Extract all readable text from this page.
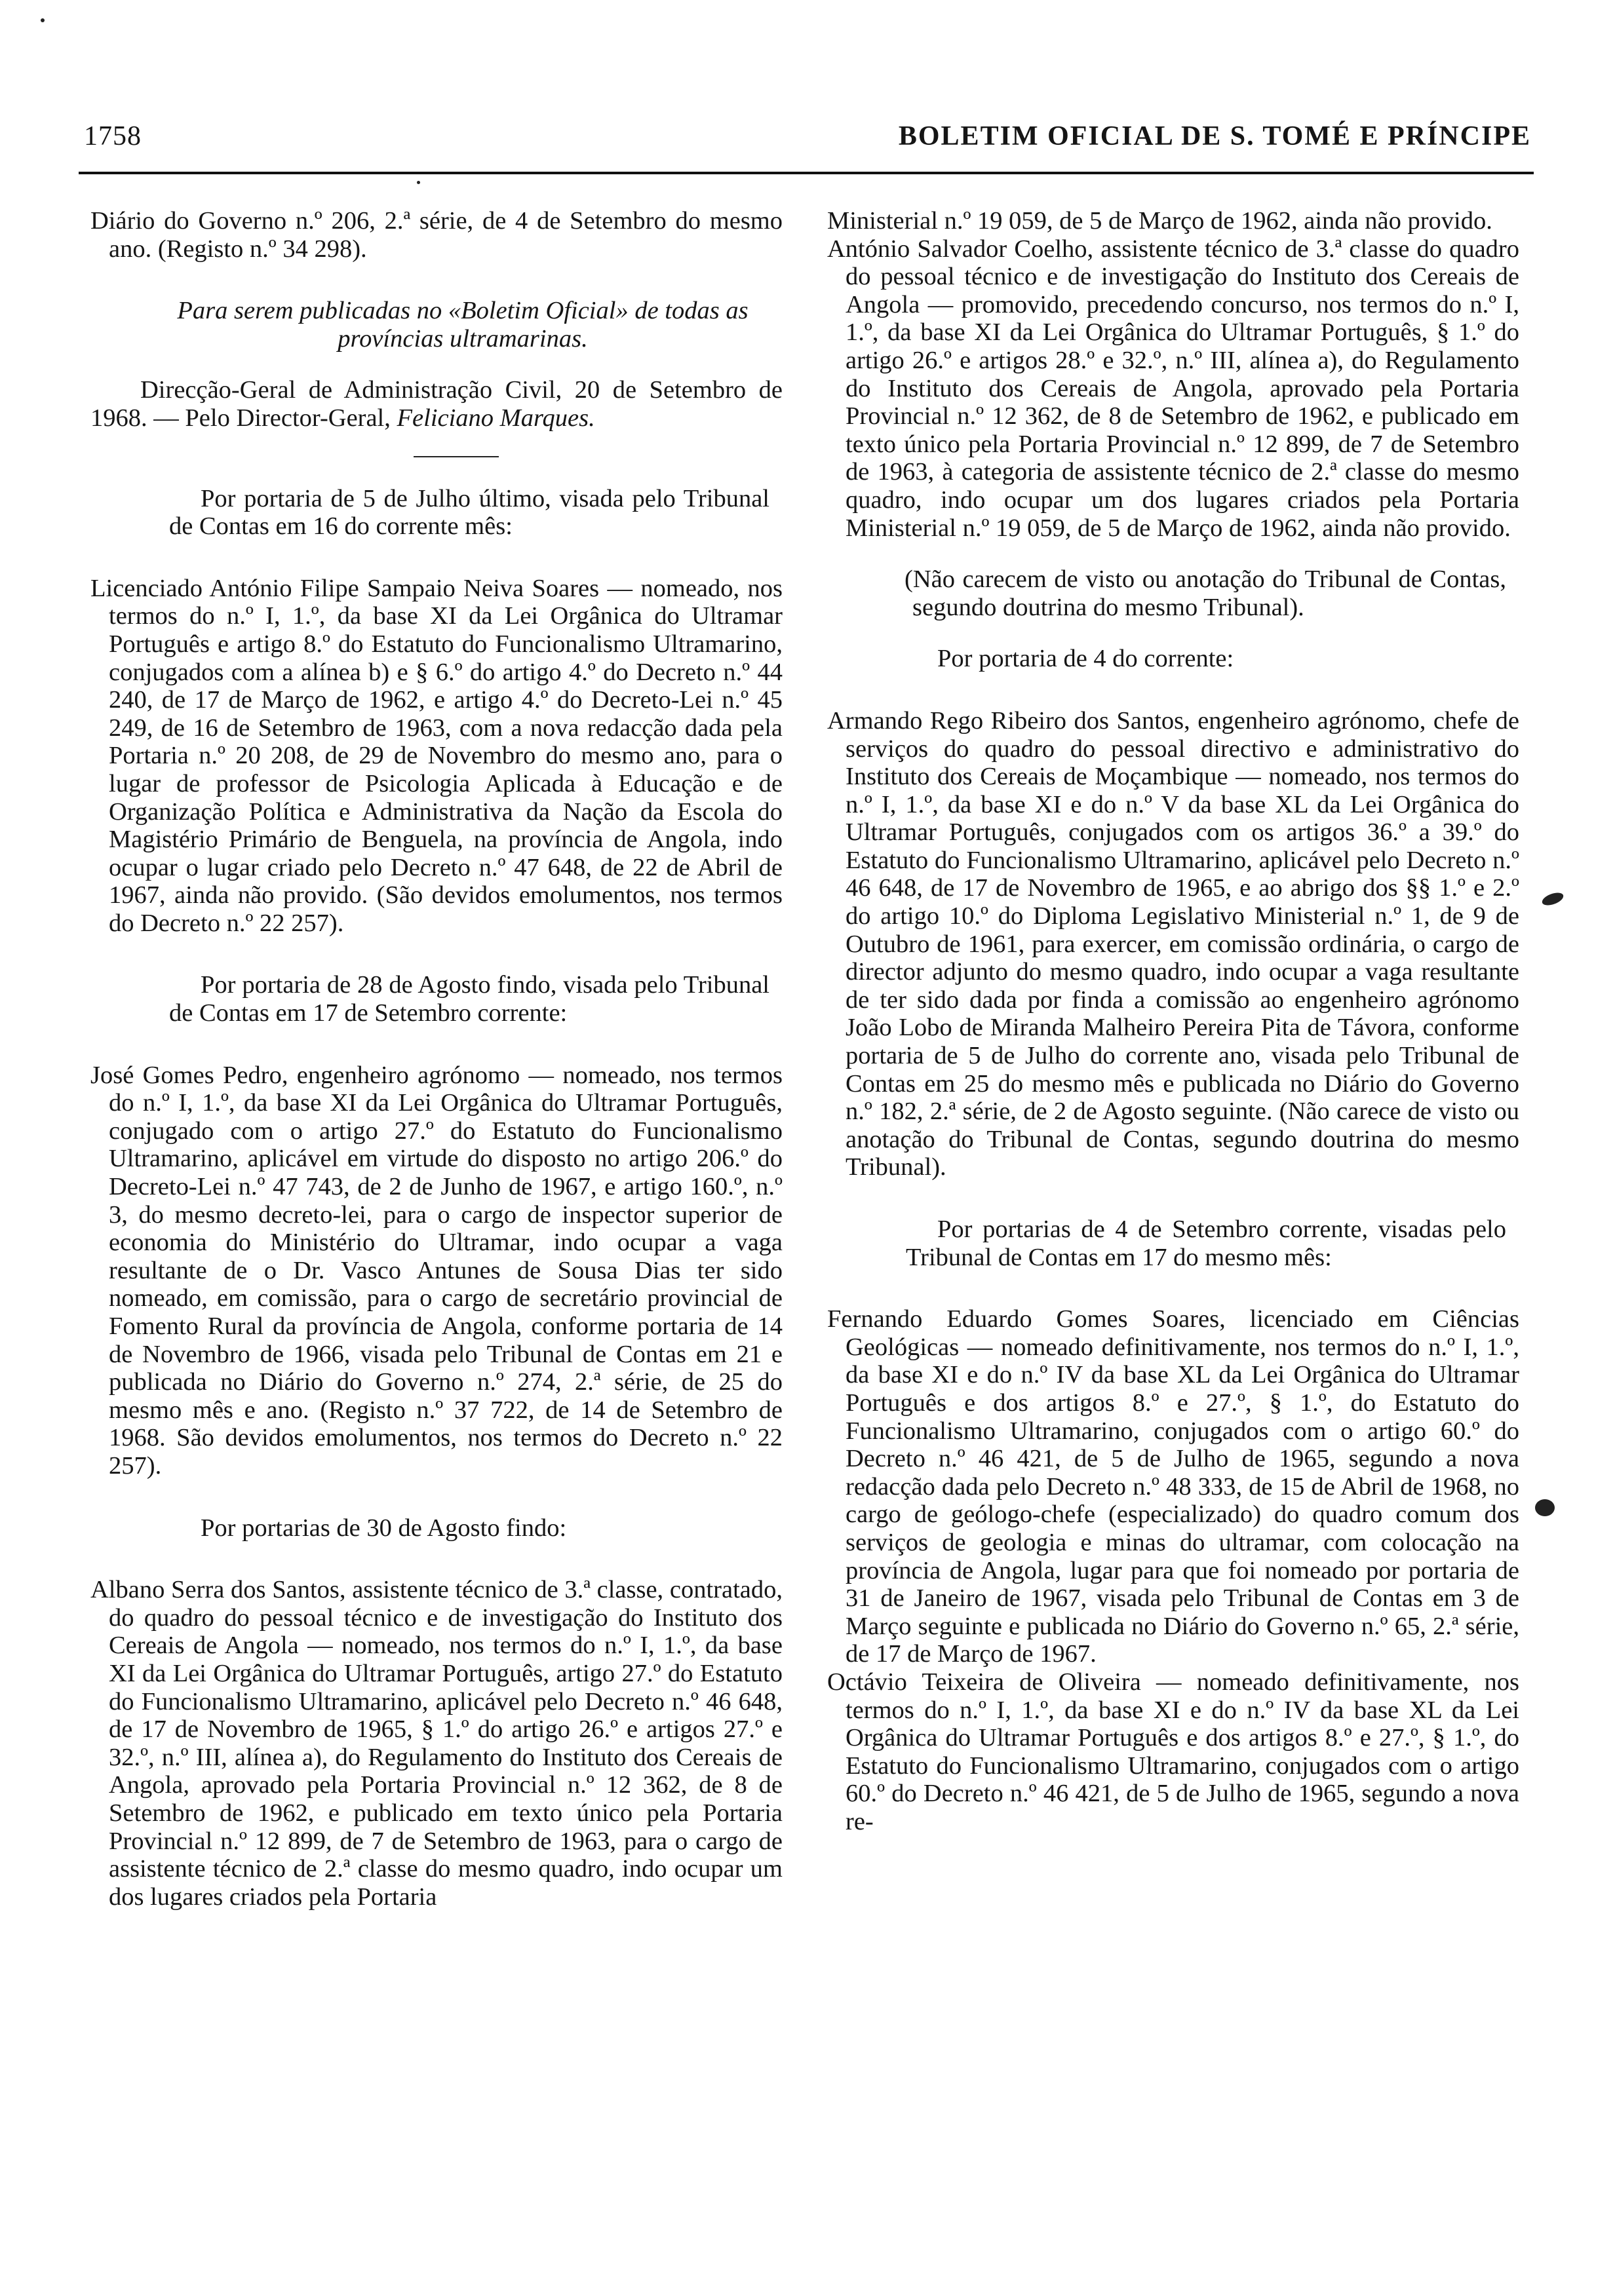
1758	BOLETIM OFICIAL DE S. TOMÉ E PRÍNCIPE

Diário do Governo n.º 206, 2.ª série, de 4 de Setembro do mesmo ano. (Registo n.º 34 298).

Para serem publicadas no «Boletim Oficial» de todas as províncias ultramarinas.

Direcção-Geral de Administração Civil, 20 de Setembro de 1968. — Pelo Director-Geral, Feliciano Marques.

Por portaria de 5 de Julho último, visada pelo Tribunal de Contas em 16 do corrente mês:

Licenciado António Filipe Sampaio Neiva Soares — nomeado, nos termos do n.º I, 1.º, da base XI da Lei Orgânica do Ultramar Português e artigo 8.º do Estatuto do Funcionalismo Ultramarino, conjugados com a alínea b) e § 6.º do artigo 4.º do Decreto n.º 44 240, de 17 de Março de 1962, e artigo 4.º do Decreto-Lei n.º 45 249, de 16 de Setembro de 1963, com a nova redacção dada pela Portaria n.º 20 208, de 29 de Novembro do mesmo ano, para o lugar de professor de Psicologia Aplicada à Educação e de Organização Política e Administrativa da Nação da Escola do Magistério Primário de Benguela, na província de Angola, indo ocupar o lugar criado pelo Decreto n.º 47 648, de 22 de Abril de 1967, ainda não provido. (São devidos emolumentos, nos termos do Decreto n.º 22 257).

Por portaria de 28 de Agosto findo, visada pelo Tribunal de Contas em 17 de Setembro corrente:

José Gomes Pedro, engenheiro agrónomo — nomeado, nos termos do n.º I, 1.º, da base XI da Lei Orgânica do Ultramar Português, conjugado com o artigo 27.º do Estatuto do Funcionalismo Ultramarino, aplicável em virtude do disposto no artigo 206.º do Decreto-Lei n.º 47 743, de 2 de Junho de 1967, e artigo 160.º, n.º 3, do mesmo decreto-lei, para o cargo de inspector superior de economia do Ministério do Ultramar, indo ocupar a vaga resultante de o Dr. Vasco Antunes de Sousa Dias ter sido nomeado, em comissão, para o cargo de secretário provincial de Fomento Rural da província de Angola, conforme portaria de 14 de Novembro de 1966, visada pelo Tribunal de Contas em 21 e publicada no Diário do Governo n.º 274, 2.ª série, de 25 do mesmo mês e ano. (Registo n.º 37 722, de 14 de Setembro de 1968. São devidos emolumentos, nos termos do Decreto n.º 22 257).

Por portarias de 30 de Agosto findo:

Albano Serra dos Santos, assistente técnico de 3.ª classe, contratado, do quadro do pessoal técnico e de investigação do Instituto dos Cereais de Angola — nomeado, nos termos do n.º I, 1.º, da base XI da Lei Orgânica do Ultramar Português, artigo 27.º do Estatuto do Funcionalismo Ultramarino, aplicável pelo Decreto n.º 46 648, de 17 de Novembro de 1965, § 1.º do artigo 26.º e artigos 27.º e 32.º, n.º III, alínea a), do Regulamento do Instituto dos Cereais de Angola, aprovado pela Portaria Provincial n.º 12 362, de 8 de Setembro de 1962, e publicado em texto único pela Portaria Provincial n.º 12 899, de 7 de Setembro de 1963, para o cargo de assistente técnico de 2.ª classe do mesmo quadro, indo ocupar um dos lugares criados pela Portaria

Ministerial n.º 19 059, de 5 de Março de 1962, ainda não provido.

António Salvador Coelho, assistente técnico de 3.ª classe do quadro do pessoal técnico e de investigação do Instituto dos Cereais de Angola — promovido, precedendo concurso, nos termos do n.º I, 1.º, da base XI da Lei Orgânica do Ultramar Português, § 1.º do artigo 26.º e artigos 28.º e 32.º, n.º III, alínea a), do Regulamento do Instituto dos Cereais de Angola, aprovado pela Portaria Provincial n.º 12 362, de 8 de Setembro de 1962, e publicado em texto único pela Portaria Provincial n.º 12 899, de 7 de Setembro de 1963, à categoria de assistente técnico de 2.ª classe do mesmo quadro, indo ocupar um dos lugares criados pela Portaria Ministerial n.º 19 059, de 5 de Março de 1962, ainda não provido.

(Não carecem de visto ou anotação do Tribunal de Contas, segundo doutrina do mesmo Tribunal).

Por portaria de 4 do corrente:

Armando Rego Ribeiro dos Santos, engenheiro agrónomo, chefe de serviços do quadro do pessoal directivo e administrativo do Instituto dos Cereais de Moçambique — nomeado, nos termos do n.º I, 1.º, da base XI e do n.º V da base XL da Lei Orgânica do Ultramar Português, conjugados com os artigos 36.º a 39.º do Estatuto do Funcionalismo Ultramarino, aplicável pelo Decreto n.º 46 648, de 17 de Novembro de 1965, e ao abrigo dos §§ 1.º e 2.º do artigo 10.º do Diploma Legislativo Ministerial n.º 1, de 9 de Outubro de 1961, para exercer, em comissão ordinária, o cargo de director adjunto do mesmo quadro, indo ocupar a vaga resultante de ter sido dada por finda a comissão ao engenheiro agrónomo João Lobo de Miranda Malheiro Pereira Pita de Távora, conforme portaria de 5 de Julho do corrente ano, visada pelo Tribunal de Contas em 25 do mesmo mês e publicada no Diário do Governo n.º 182, 2.ª série, de 2 de Agosto seguinte. (Não carece de visto ou anotação do Tribunal de Contas, segundo doutrina do mesmo Tribunal).

Por portarias de 4 de Setembro corrente, visadas pelo Tribunal de Contas em 17 do mesmo mês:

Fernando Eduardo Gomes Soares, licenciado em Ciências Geológicas — nomeado definitivamente, nos termos do n.º I, 1.º, da base XI e do n.º IV da base XL da Lei Orgânica do Ultramar Português e dos artigos 8.º e 27.º, § 1.º, do Estatuto do Funcionalismo Ultramarino, conjugados com o artigo 60.º do Decreto n.º 46 421, de 5 de Julho de 1965, segundo a nova redacção dada pelo Decreto n.º 48 333, de 15 de Abril de 1968, no cargo de geólogo-chefe (especializado) do quadro comum dos serviços de geologia e minas do ultramar, com colocação na província de Angola, lugar para que foi nomeado por portaria de 31 de Janeiro de 1967, visada pelo Tribunal de Contas em 3 de Março seguinte e publicada no Diário do Governo n.º 65, 2.ª série, de 17 de Março de 1967.

Octávio Teixeira de Oliveira — nomeado definitivamente, nos termos do n.º I, 1.º, da base XI e do n.º IV da base XL da Lei Orgânica do Ultramar Português e dos artigos 8.º e 27.º, § 1.º, do Estatuto do Funcionalismo Ultramarino, conjugados com o artigo 60.º do Decreto n.º 46 421, de 5 de Julho de 1965, segundo a nova re-
